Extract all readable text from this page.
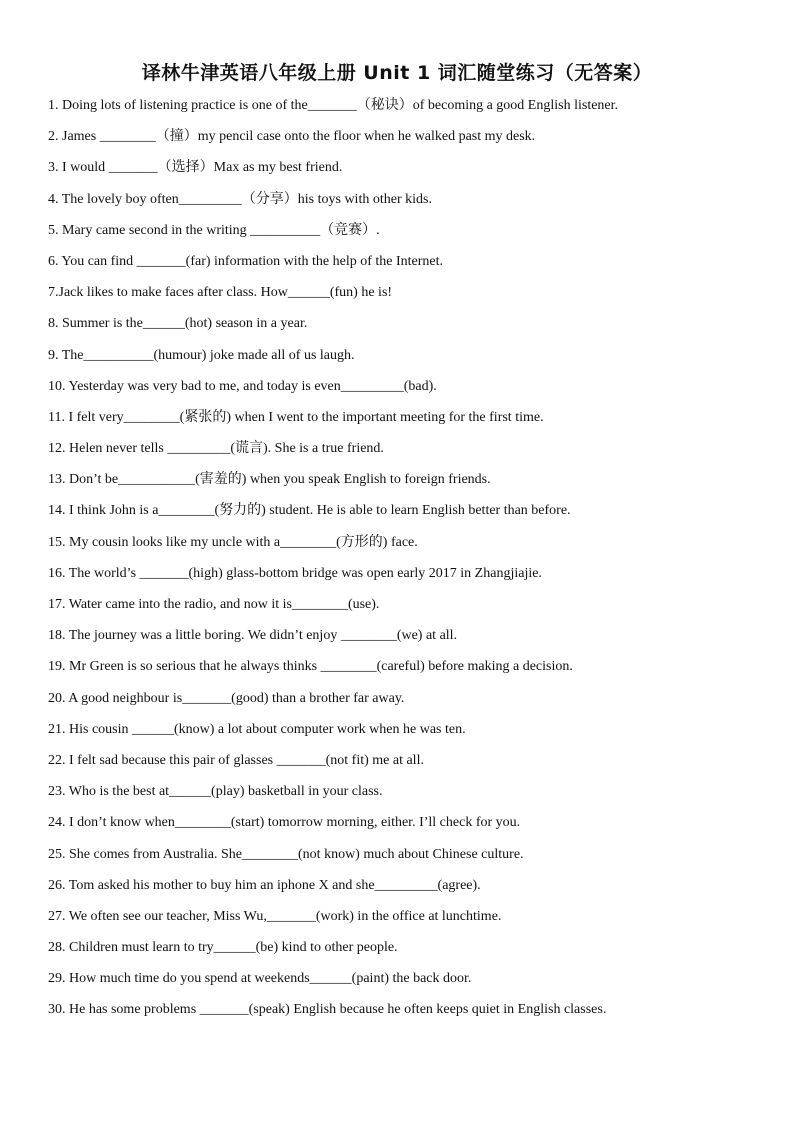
译林牛津英语八年级上册 Unit 1 词汇随堂练习（无答案）
1. Doing lots of listening practice is one of the_______（秘诀）of becoming a good English listener.
2. James ________（撞）my pencil case onto the floor when he walked past my desk.
3. I would _______（选择）Max as my best friend.
4. The lovely boy often_________（分享）his toys with other kids.
5. Mary came second in the writing __________（竞赛）.
6. You can find _______(far) information with the help of the Internet.
7.Jack likes to make faces after class. How______(fun) he is!
8. Summer is the______(hot) season in a year.
9. The__________(humour) joke made all of us laugh.
10. Yesterday was very bad to me, and today is even_________(bad).
11. I felt very________(紧张的) when I went to the important meeting for the first time.
12. Helen never tells _________(谎言). She is a true friend.
13. Don’t be___________(害羞的) when you speak English to foreign friends.
14. I think John is a________(努力的) student. He is able to learn English better than before.
15. My cousin looks like my uncle with a________(方形的) face.
16. The world’s _______(high) glass-bottom bridge was open early 2017 in Zhangjiajie.
17. Water came into the radio, and now it is________(use).
18. The journey was a little boring. We didn’t enjoy ________(we) at all.
19. Mr Green is so serious that he always thinks ________(careful) before making a decision.
20. A good neighbour is_______(good) than a brother far away.
21. His cousin ______(know) a lot about computer work when he was ten.
22. I felt sad because this pair of glasses _______(not fit) me at all.
23. Who is the best at______(play) basketball in your class.
24. I don’t know when________(start) tomorrow morning, either. I’ll check for you.
25. She comes from Australia. She________(not know) much about Chinese culture.
26. Tom asked his mother to buy him an iphone X and she_________(agree).
27. We often see our teacher, Miss Wu,_______(work) in the office at lunchtime.
28. Children must learn to try______(be) kind to other people.
29. How much time do you spend at weekends______(paint) the back door.
30. He has some problems _______(speak) English because he often keeps quiet in English classes.
